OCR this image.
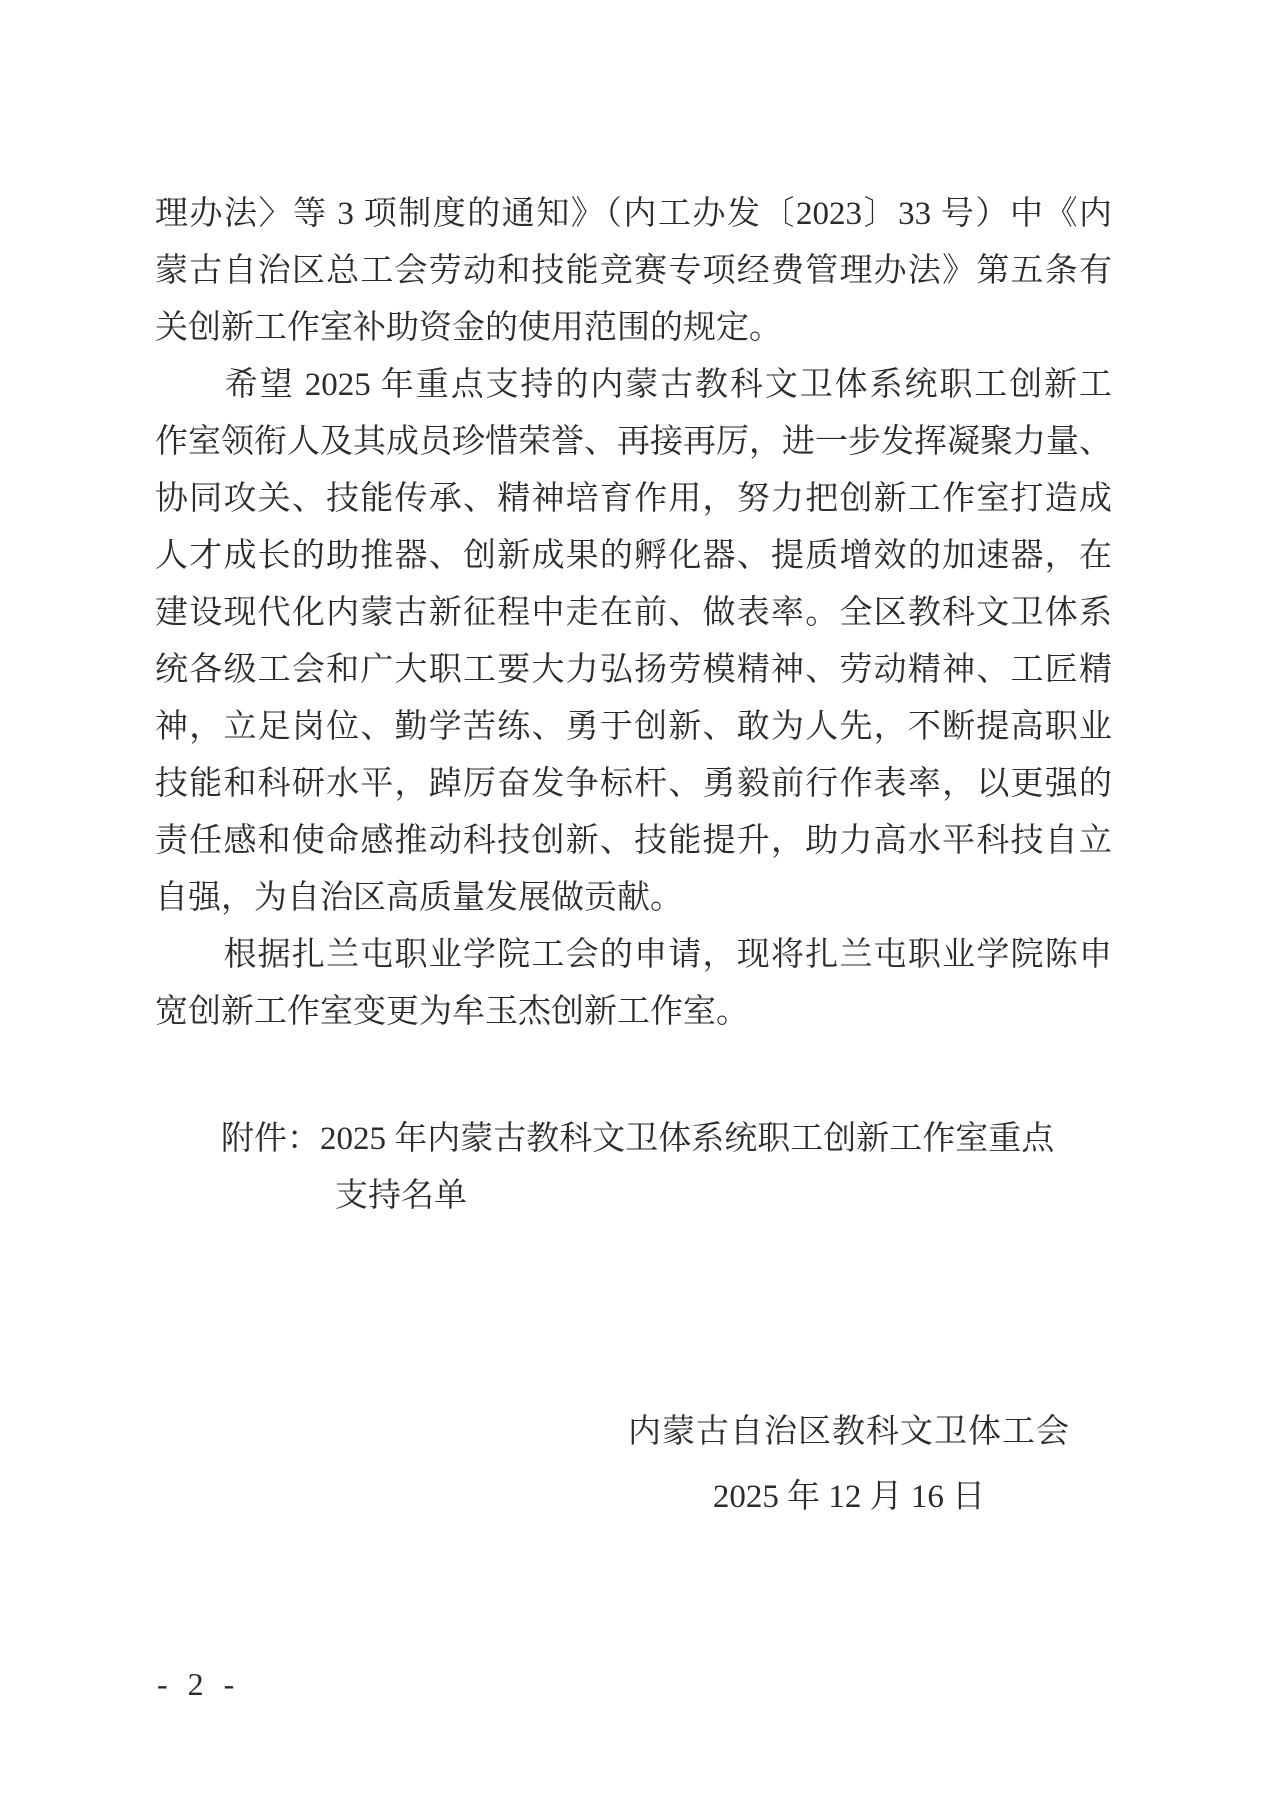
理办法〉等 3 项制度的通知》（内工办发〔2023〕33 号）中《内
蒙古自治区总工会劳动和技能竞赛专项经费管理办法》第五条有
关创新工作室补助资金的使用范围的规定。
　　希望 2025 年重点支持的内蒙古教科文卫体系统职工创新工
作室领衔人及其成员珍惜荣誉、再接再厉，进一步发挥凝聚力量、
协同攻关、技能传承、精神培育作用，努力把创新工作室打造成
人才成长的助推器、创新成果的孵化器、提质增效的加速器，在
建设现代化内蒙古新征程中走在前、做表率。全区教科文卫体系
统各级工会和广大职工要大力弘扬劳模精神、劳动精神、工匠精
神，立足岗位、勤学苦练、勇于创新、敢为人先，不断提高职业
技能和科研水平，踔厉奋发争标杆、勇毅前行作表率，以更强的
责任感和使命感推动科技创新、技能提升，助力高水平科技自立
自强，为自治区高质量发展做贡献。
　　根据扎兰屯职业学院工会的申请，现将扎兰屯职业学院陈申
宽创新工作室变更为牟玉杰创新工作室。
附件：2025 年内蒙古教科文卫体系统职工创新工作室重点
支持名单
内蒙古自治区教科文卫体工会
2025 年 12 月 16 日
- 2 -
